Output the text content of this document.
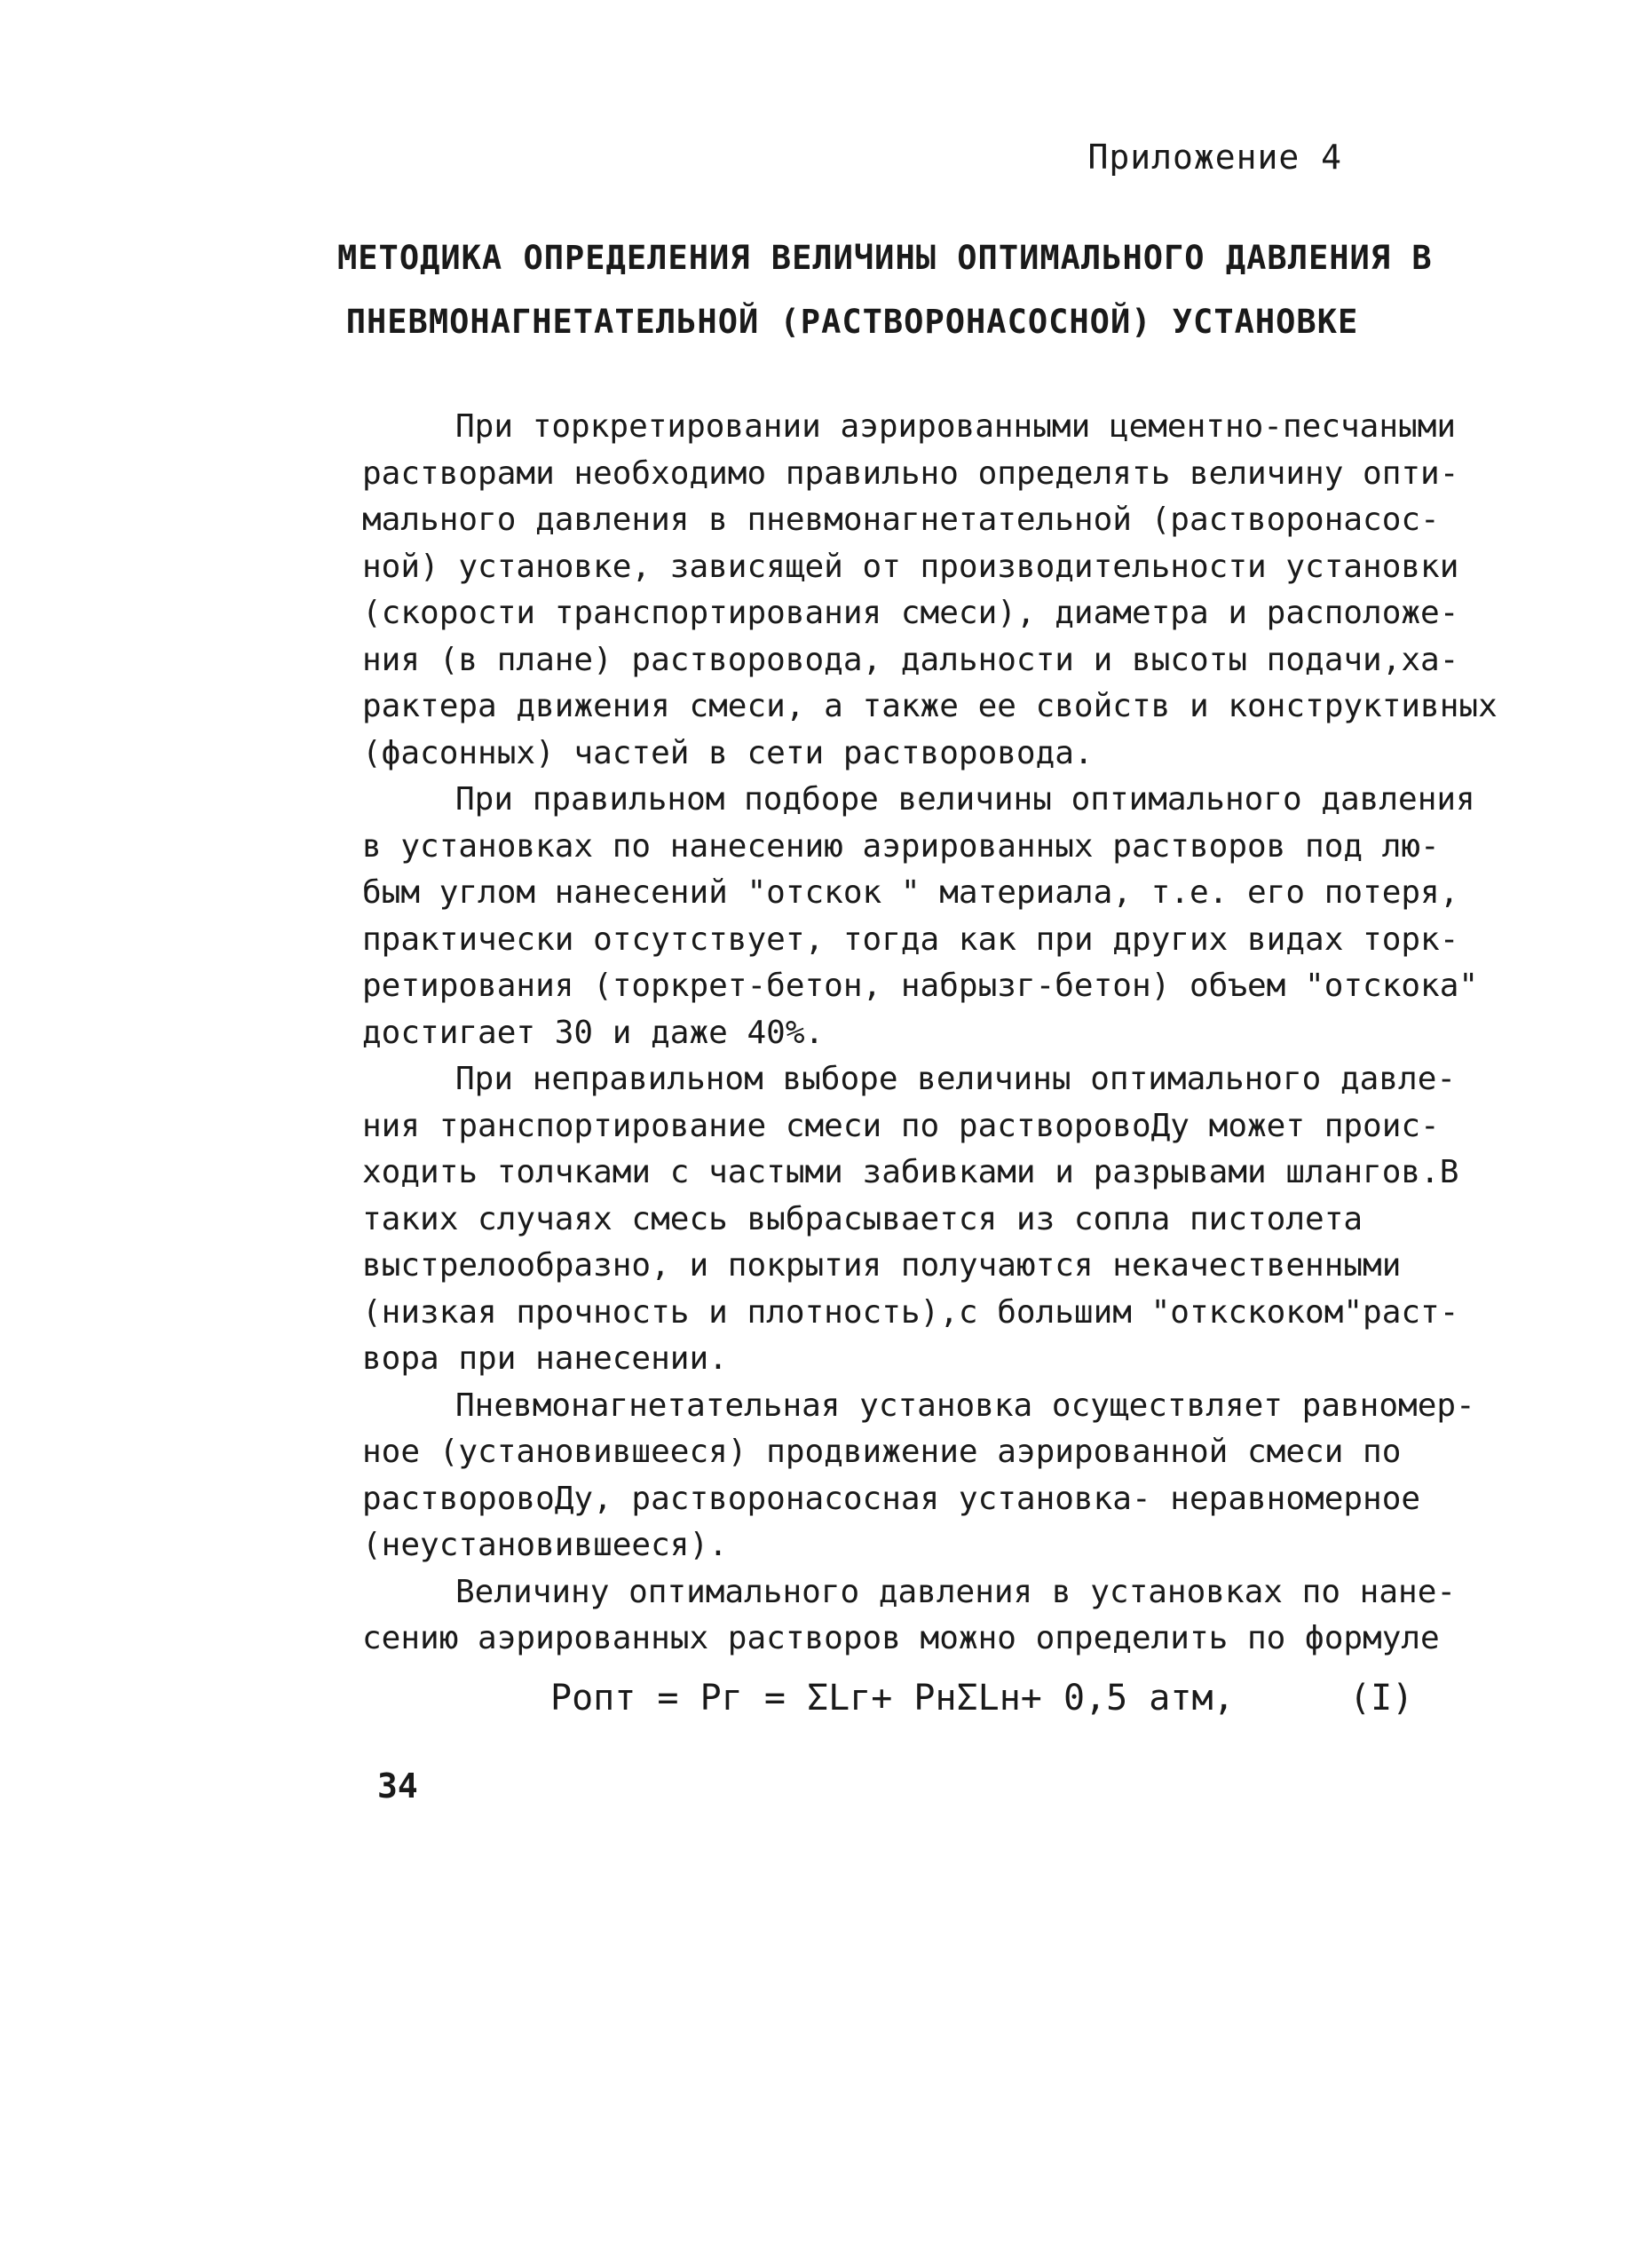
Приложение 4
МЕТОДИКА ОПРЕДЕЛЕНИЯ ВЕЛИЧИНЫ ОПТИМАЛЬНОГО ДАВЛЕНИЯ В
ПНЕВМОНАГНЕТАТЕЛЬНОЙ (РАСТВОРОНАСОСНОЙ) УСТАНОВКЕ

При торкретировании аэрированными цементно-песчаными
растворами необходимо правильно определять величину опти-
мального давления в пневмонагнетательной (растворонасос-
ной) установке, зависящей от производительности установки
(скорости транспортирования смеси), диаметра и расположе-
ния (в плане) растворовода, дальности и высоты подачи,ха-
рактера движения смеси, а также ее свойств и конструктивных
(фасонных) частей в сети растворовода.

При правильном подборе величины оптимального давления
в установках по нанесению аэрированных растворов под лю-
бым углом нанесений "отскок " материала, т.е. его потеря,
практически отсутствует, тогда как при других видах торк-
ретирования (торкрет-бетон, набрызг-бетон) объем "отскока"
достигает 30 и даже 40%.

При неправильном выборе величины оптимального давле-
ния транспортирование смеси по растворовоДу может проис-
ходить толчками с частыми забивками и разрывами шлангов.В
таких случаях смесь выбрасывается из сопла пистолета
выстрелообразно, и покрытия получаются некачественными
(низкая прочность и плотность),с большим "откскоком"раст-
вора при нанесении.

Пневмонагнетательная установка осуществляет равномер-
ное (установившееся) продвижение аэрированной смеси по
растворовоДу, растворонасосная установка- неравномерное
(неустановившееся).

Величину оптимального давления в установках по нане-
сению аэрированных растворов можно определить по формуле

Pопт = Pг = ΣLг+ PнΣLн+ 0,5 атм,	(I)
34
